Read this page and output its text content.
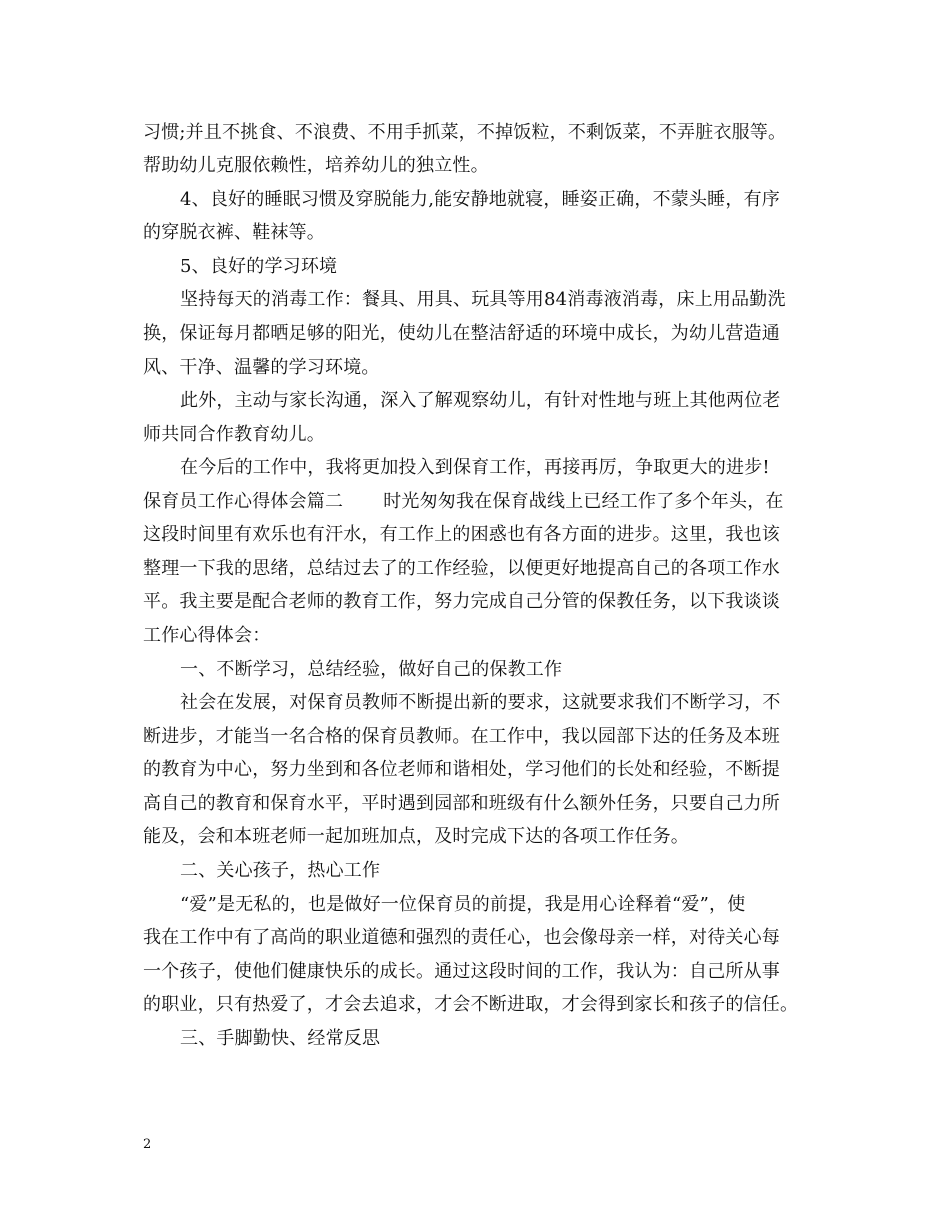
习惯;并且不挑食、不浪费、不用手抓菜，不掉饭粒，不剩饭菜，不弄脏衣服等。
帮助幼儿克服依赖性，培养幼儿的独立性。
4、良好的睡眠习惯及穿脱能力,能安静地就寝，睡姿正确，不蒙头睡，有序
的穿脱衣裤、鞋袜等。
5、良好的学习环境
坚持每天的消毒工作：餐具、用具、玩具等用84消毒液消毒，床上用品勤洗
换，保证每月都晒足够的阳光，使幼儿在整洁舒适的环境中成长，为幼儿营造通
风、干净、温馨的学习环境。
此外，主动与家长沟通，深入了解观察幼儿，有针对性地与班上其他两位老
师共同合作教育幼儿。
在今后的工作中，我将更加投入到保育工作，再接再厉，争取更大的进步!
保育员工作心得体会篇二 时光匆匆我在保育战线上已经工作了多个年头，在
这段时间里有欢乐也有汗水，有工作上的困惑也有各方面的进步。这里，我也该
整理一下我的思绪，总结过去了的工作经验，以便更好地提高自己的各项工作水
平。我主要是配合老师的教育工作，努力完成自己分管的保教任务，以下我谈谈
工作心得体会：
一、不断学习，总结经验，做好自己的保教工作
社会在发展，对保育员教师不断提出新的要求，这就要求我们不断学习，不
断进步，才能当一名合格的保育员教师。在工作中，我以园部下达的任务及本班
的教育为中心，努力坐到和各位老师和谐相处，学习他们的长处和经验，不断提
高自己的教育和保育水平，平时遇到园部和班级有什么额外任务，只要自己力所
能及，会和本班老师一起加班加点，及时完成下达的各项工作任务。
二、关心孩子，热心工作
“爱”是无私的，也是做好一位保育员的前提，我是用心诠释着“爱”，使
我在工作中有了高尚的职业道德和强烈的责任心，也会像母亲一样，对待关心每
一个孩子，使他们健康快乐的成长。通过这段时间的工作，我认为：自己所从事
的职业，只有热爱了，才会去追求，才会不断进取，才会得到家长和孩子的信任。
三、手脚勤快、经常反思
2
